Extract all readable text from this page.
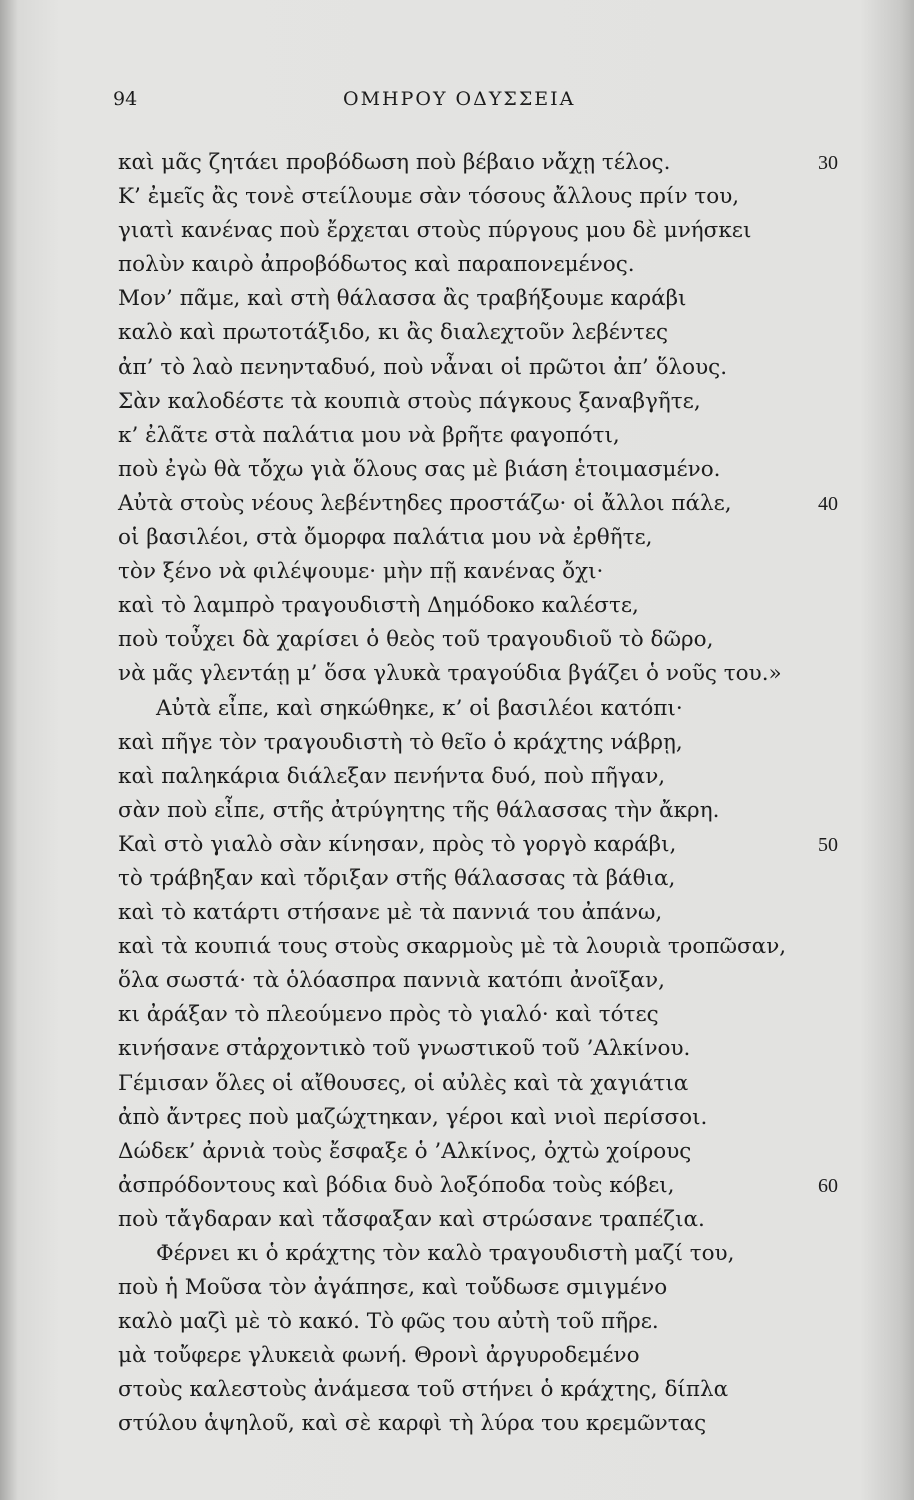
94	ΟΜΗΡΟΥ ΟΔΥΣΣΕΙΑ
καὶ μᾶς ζητάει προβόδωση ποὺ βέβαιο νἄχῃ τέλος.	30
Κ’ ἐμεῖς ἂς τονὲ στείλουμε σὰν τόσους ἄλλους πρίν του,
γιατὶ κανένας ποὺ ἔρχεται στοὺς πύργους μου δὲ μνήσκει
πολὺν καιρὸ ἀπροβόδωτος καὶ παραπονεμένος.
Μον’ πᾶμε, καὶ στὴ θάλασσα ἂς τραβήξουμε καράβι
καλὸ καὶ πρωτοτάξιδο, κι ἂς διαλεχτοῦν λεβέντες
ἀπ’ τὸ λαὸ πενηνταδυό, ποὺ νἆναι οἱ πρῶτοι ἀπ’ ὅλους.
Σὰν καλοδέστε τὰ κουπιὰ στοὺς πάγκους ξαναβγῆτε,
κ’ ἐλᾶτε στὰ παλάτια μου νὰ βρῆτε φαγοπότι,
ποὺ ἐγὼ θὰ τὄχω γιὰ ὅλους σας μὲ βιάση ἑτοιμασμένο.
Αὐτὰ στοὺς νέους λεβέντηδες προστάζω· οἱ ἄλλοι πάλε,	40
οἱ βασιλέοι, στὰ ὄμορφα παλάτια μου νὰ ἐρθῆτε,
τὸν ξένο νὰ φιλέψουμε· μὴν πῇ κανένας ὄχι·
καὶ τὸ λαμπρὸ τραγουδιστὴ Δημόδοκο καλέστε,
ποὺ τοὖχει δὰ χαρίσει ὁ θεὸς τοῦ τραγουδιοῦ τὸ δῶρο,
νὰ μᾶς γλεντάῃ μ’ ὅσα γλυκὰ τραγούδια βγάζει ὁ νοῦς του.»
Αὐτὰ εἶπε, καὶ σηκώθηκε, κ’ οἱ βασιλέοι κατόπι·
καὶ πῆγε τὸν τραγουδιστὴ τὸ θεῖο ὁ κράχτης νάβρῃ,
καὶ παληκάρια διάλεξαν πενήντα δυό, ποὺ πῆγαν,
σὰν ποὺ εἶπε, στῆς ἀτρύγητης τῆς θάλασσας τὴν ἄκρη.
Καὶ στὸ γιαλὸ σὰν κίνησαν, πρὸς τὸ γοργὸ καράβι,	50
τὸ τράβηξαν καὶ τὄριξαν στῆς θάλασσας τὰ βάθια,
καὶ τὸ κατάρτι στήσανε μὲ τὰ παννιά του ἀπάνω,
καὶ τὰ κουπιά τους στοὺς σκαρμοὺς μὲ τὰ λουριὰ τροπῶσαν,
ὅλα σωστά· τὰ ὁλόασπρα παννιὰ κατόπι ἀνοῖξαν,
κι ἀράξαν τὸ πλεούμενο πρὸς τὸ γιαλό· καὶ τότες
κινήσανε στἀρχοντικὸ τοῦ γνωστικοῦ τοῦ ’Αλκίνου.
Γέμισαν ὅλες οἱ αἴθουσες, οἱ αὐλὲς καὶ τὰ χαγιάτια
ἀπὸ ἄντρες ποὺ μαζώχτηκαν, γέροι καὶ νιοὶ περίσσοι.
Δώδεκ’ ἀρνιὰ τοὺς ἔσφαξε ὁ ’Αλκίνος, ὀχτὼ χοίρους
ἀσπρόδοντους καὶ βόδια δυὸ λοξόποδα τοὺς κόβει,	60
ποὺ τἄγδαραν καὶ τἄσφαξαν καὶ στρώσανε τραπέζια.
Φέρνει κι ὁ κράχτης τὸν καλὸ τραγουδιστὴ μαζί του,
ποὺ ἡ Μοῦσα τὸν ἀγάπησε, καὶ τοὔδωσε σμιγμένο
καλὸ μαζὶ μὲ τὸ κακό. Τὸ φῶς του αὐτὴ τοῦ πῆρε.
μὰ τοὔφερε γλυκειὰ φωνή. Θρονὶ ἀργυροδεμένο
στοὺς καλεστοὺς ἀνάμεσα τοῦ στήνει ὁ κράχτης, δίπλα
στύλου ἁψηλοῦ, καὶ σὲ καρφὶ τὴ λύρα του κρεμῶντας
